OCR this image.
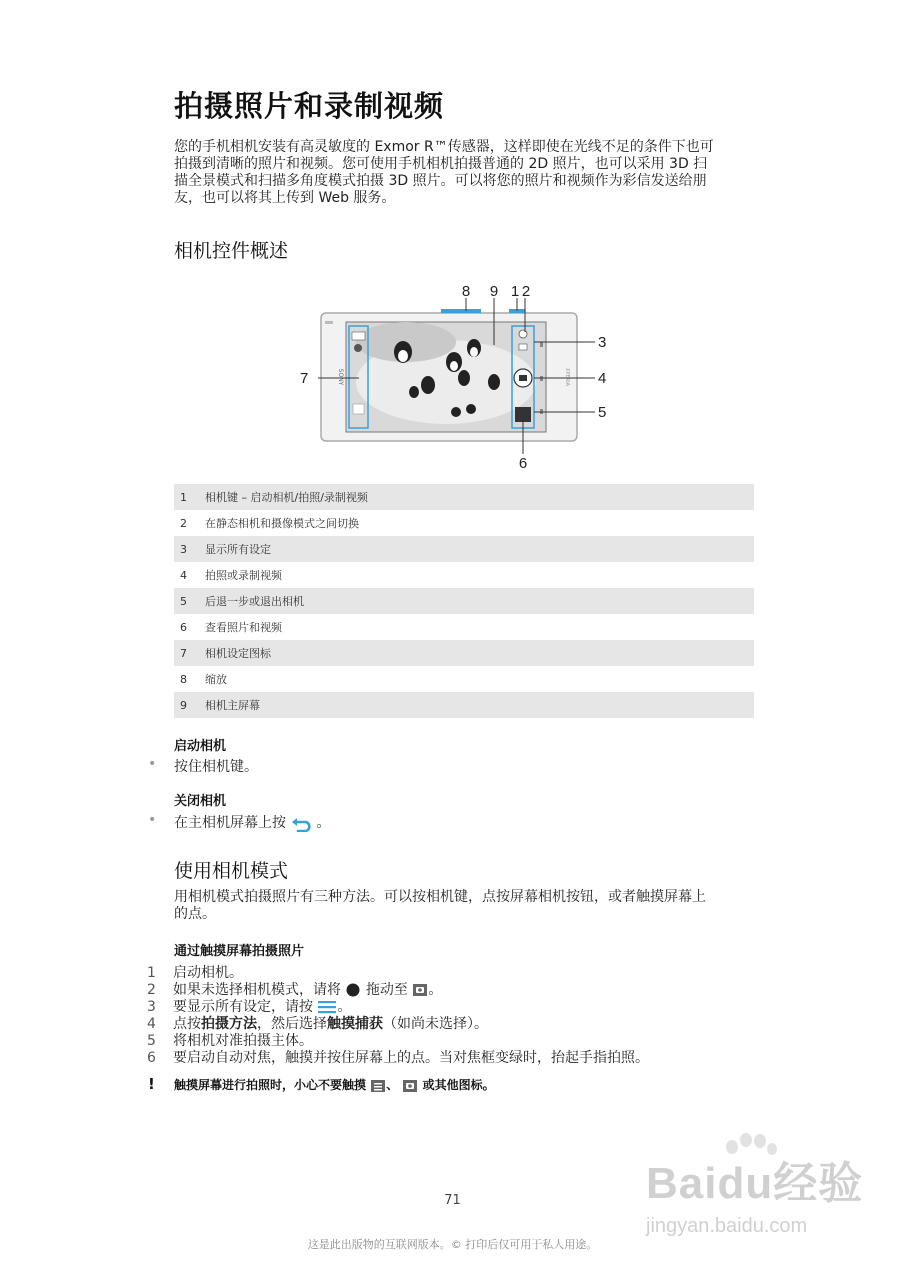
拍摄照片和录制视频
您的手机相机安装有高灵敏度的 Exmor R™传感器，这样即使在光线不足的条件下也可
拍摄到清晰的照片和视频。您可使用手机相机拍摄普通的 2D 照片，也可以采用 3D 扫
描全景模式和扫描多角度模式拍摄 3D 照片。可以将您的照片和视频作为彩信发送给朋
友，也可以将其上传到 Web 服务。
相机控件概述
XPERIA
SONY
8 9 1 2
3
4
5
6
7
1	相机键 – 启动相机/拍照/录制视频
2	在静态相机和摄像模式之间切换
3	显示所有设定
4	拍照或录制视频
5	后退一步或退出相机
6	查看照片和视频
7	相机设定图标
8	缩放
9	相机主屏幕
启动相机
• 按住相机键。
关闭相机
• 在主相机屏幕上按 。
使用相机模式
用相机模式拍摄照片有三种方法。可以按相机键，点按屏幕相机按钮，或者触摸屏幕上
的点。
通过触摸屏幕拍摄照片
1 启动相机。
2 如果未选择相机模式，请将 拖动至 。
3 要显示所有设定，请按 。
4 点按拍摄方法，然后选择触摸捕获（如尚未选择）。
5 将相机对准拍摄主体。
6 要启动自动对焦，触摸并按住屏幕上的点。当对焦框变绿时，抬起手指拍照。
! 触摸屏幕进行拍照时，小心不要触摸 、 或其他图标。
71
这是此出版物的互联网版本。© 打印后仅可用于私人用途。
Baidu经验
jingyan.baidu.com
